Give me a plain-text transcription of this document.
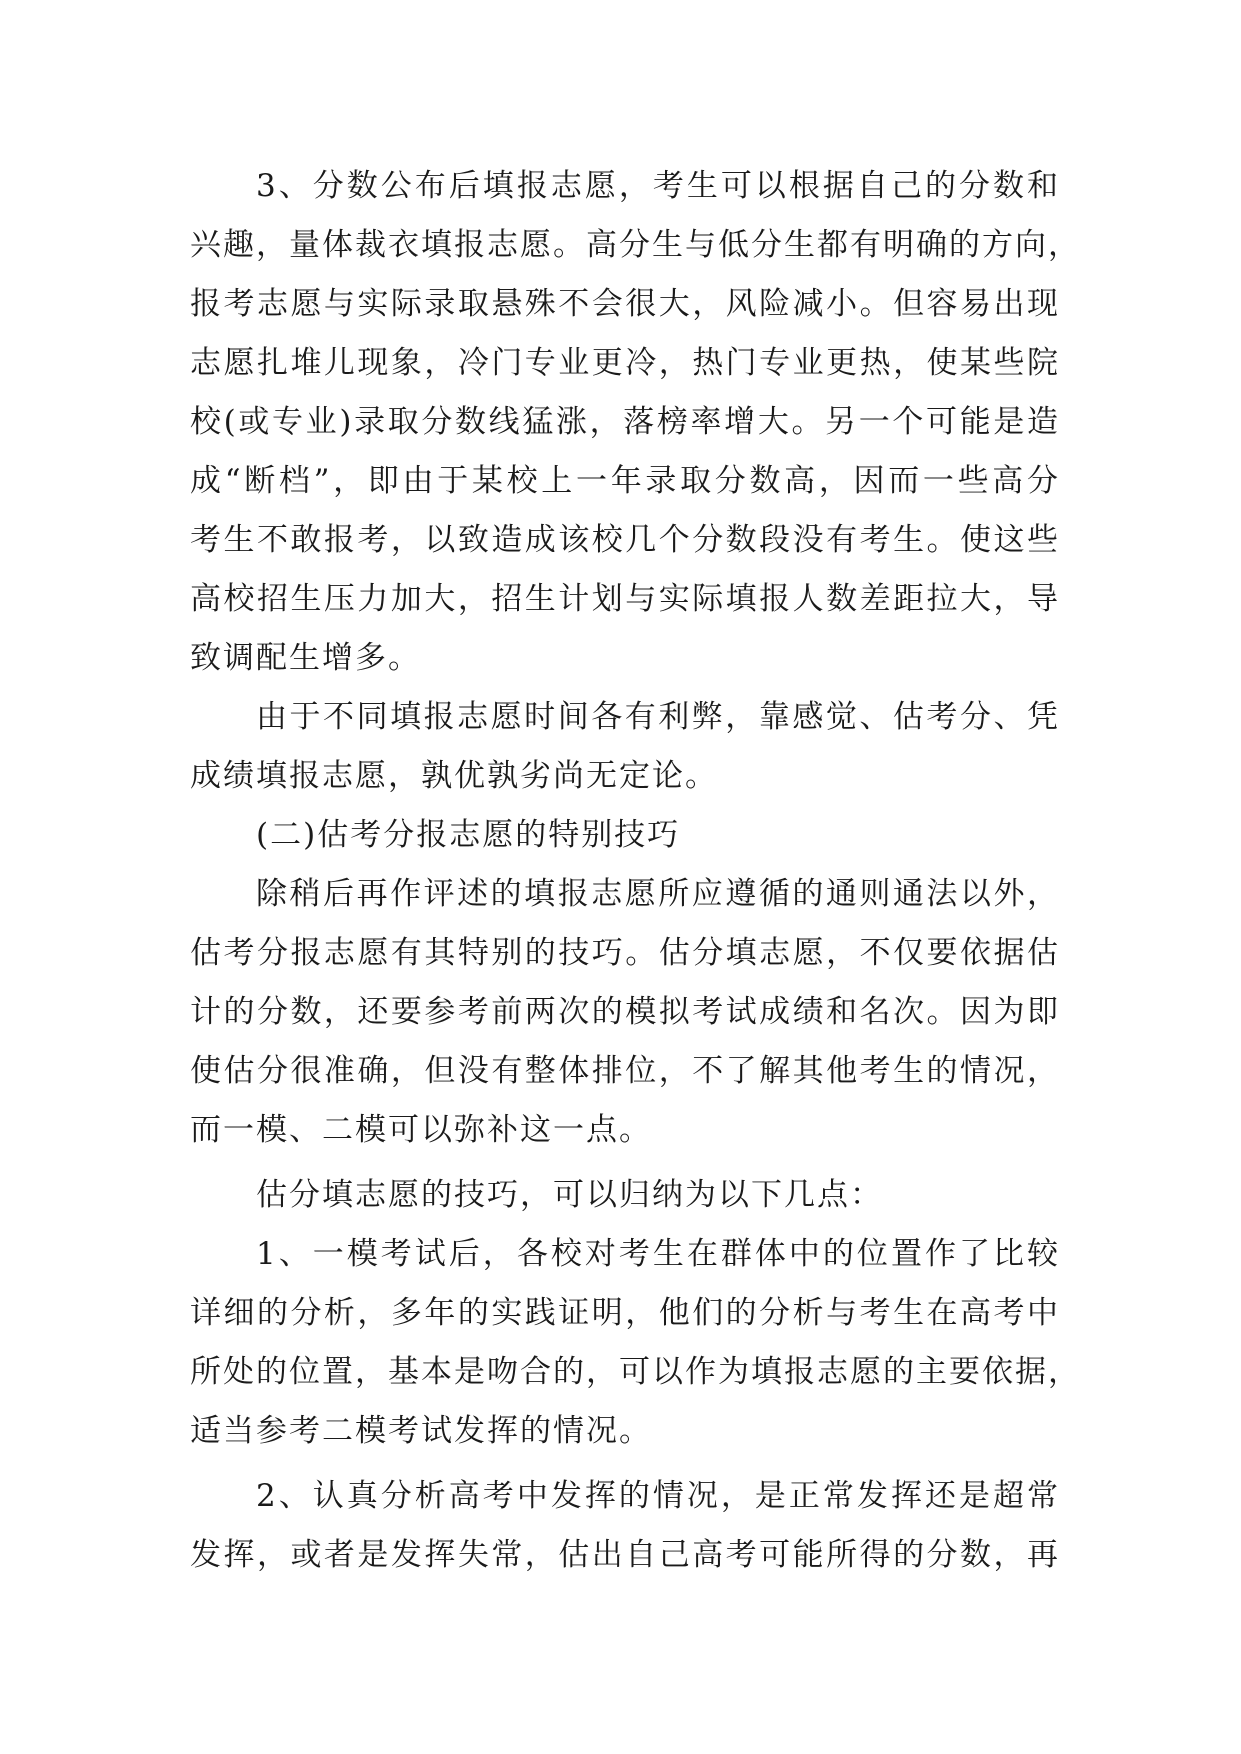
3、分数公布后填报志愿，考生可以根据自己的分数和
兴趣，量体裁衣填报志愿。高分生与低分生都有明确的方向，
报考志愿与实际录取悬殊不会很大，风险减小。但容易出现
志愿扎堆儿现象，冷门专业更冷，热门专业更热，使某些院
校(或专业)录取分数线猛涨，落榜率增大。另一个可能是造
成“断档”，即由于某校上一年录取分数高，因而一些高分
考生不敢报考，以致造成该校几个分数段没有考生。使这些
高校招生压力加大，招生计划与实际填报人数差距拉大，导
致调配生增多。
由于不同填报志愿时间各有利弊，靠感觉、估考分、凭
成绩填报志愿，孰优孰劣尚无定论。
(二)估考分报志愿的特别技巧
除稍后再作评述的填报志愿所应遵循的通则通法以外，
估考分报志愿有其特别的技巧。估分填志愿，不仅要依据估
计的分数，还要参考前两次的模拟考试成绩和名次。因为即
使估分很准确，但没有整体排位，不了解其他考生的情况，
而一模、二模可以弥补这一点。
估分填志愿的技巧，可以归纳为以下几点：
1、一模考试后，各校对考生在群体中的位置作了比较
详细的分析，多年的实践证明，他们的分析与考生在高考中
所处的位置，基本是吻合的，可以作为填报志愿的主要依据，
适当参考二模考试发挥的情况。
2、认真分析高考中发挥的情况，是正常发挥还是超常
发挥，或者是发挥失常，估出自己高考可能所得的分数，再
